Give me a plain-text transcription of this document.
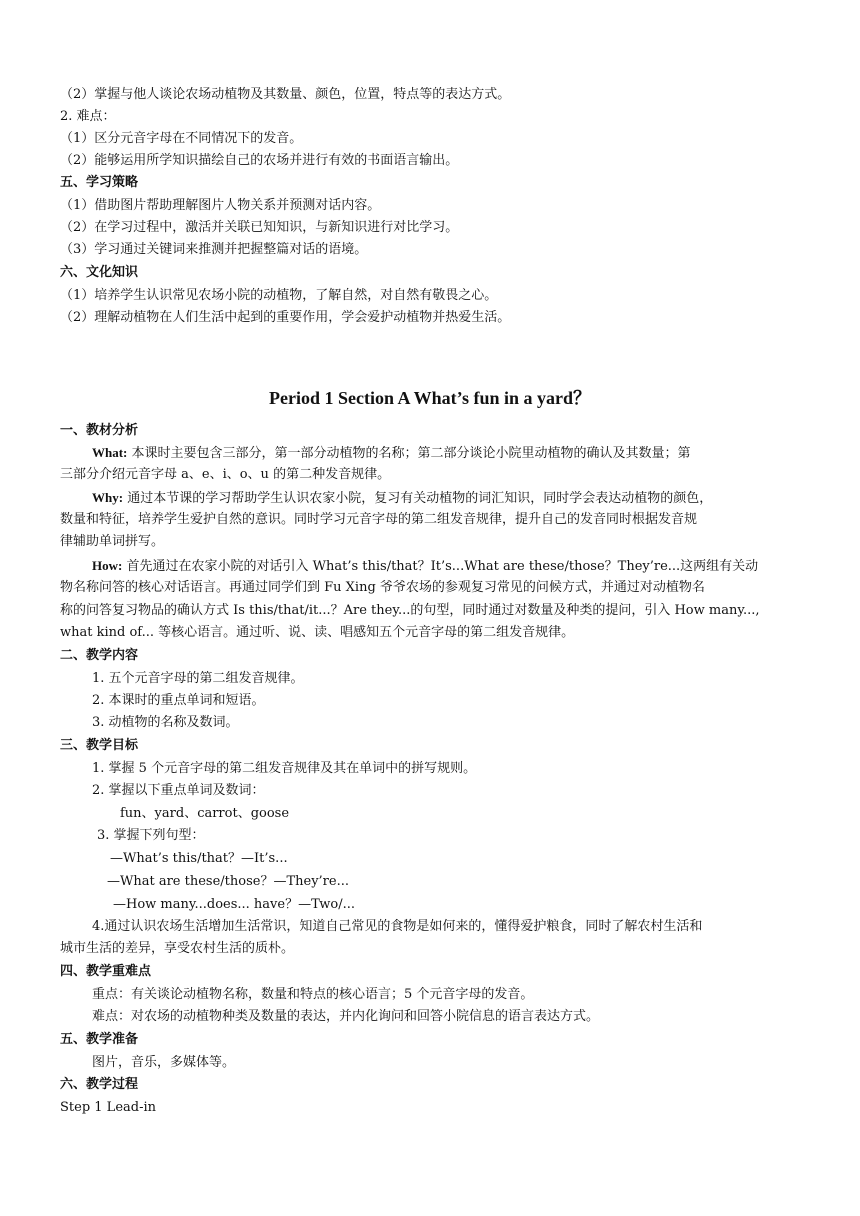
（2）掌握与他人谈论农场动植物及其数量、颜色，位置，特点等的表达方式。
2. 难点：
（1）区分元音字母在不同情况下的发音。
（2）能够运用所学知识描绘自己的农场并进行有效的书面语言输出。
五、学习策略
（1）借助图片帮助理解图片人物关系并预测对话内容。
（2）在学习过程中，激活并关联已知知识，与新知识进行对比学习。
（3）学习通过关键词来推测并把握整篇对话的语境。
六、文化知识
（1）培养学生认识常见农场小院的动植物，了解自然，对自然有敬畏之心。
（2）理解动植物在人们生活中起到的重要作用，学会爱护动植物并热爱生活。
Period 1 Section A What’s fun in a yard？
一、教材分析
What: 本课时主要包含三部分，第一部分动植物的名称；第二部分谈论小院里动植物的确认及其数量；第
三部分介绍元音字母 a、e、i、o、u 的第二种发音规律。
Why: 通过本节课的学习帮助学生认识农家小院，复习有关动植物的词汇知识，同时学会表达动植物的颜色，
数量和特征，培养学生爱护自然的意识。同时学习元音字母的第二组发音规律，提升自己的发音同时根据发音规
律辅助单词拼写。
How: 首先通过在农家小院的对话引入 What’s this/that？It’s...What are these/those？They’re...这两组有关动
物名称问答的核心对话语言。再通过同学们到 Fu Xing 爷爷农场的参观复习常见的问候方式，并通过对动植物名
称的问答复习物品的确认方式 Is this/that/it...？Are they...的句型，同时通过对数量及种类的提问，引入 How many...,
what kind of... 等核心语言。通过听、说、读、唱感知五个元音字母的第二组发音规律。
二、教学内容
1. 五个元音字母的第二组发音规律。
2. 本课时的重点单词和短语。
3. 动植物的名称及数词。
三、教学目标
1. 掌握 5 个元音字母的第二组发音规律及其在单词中的拼写规则。
2. 掌握以下重点单词及数词：
fun、yard、carrot、goose
3. 掌握下列句型：
—What’s this/that？—It’s...
—What are these/those？—They’re...
—How many...does... have？—Two/...
4.通过认识农场生活增加生活常识，知道自己常见的食物是如何来的，懂得爱护粮食，同时了解农村生活和
城市生活的差异，享受农村生活的质朴。
四、教学重难点
重点：有关谈论动植物名称，数量和特点的核心语言；5 个元音字母的发音。
难点：对农场的动植物种类及数量的表达，并内化询问和回答小院信息的语言表达方式。
五、教学准备
图片，音乐，多媒体等。
六、教学过程
Step 1 Lead-in
